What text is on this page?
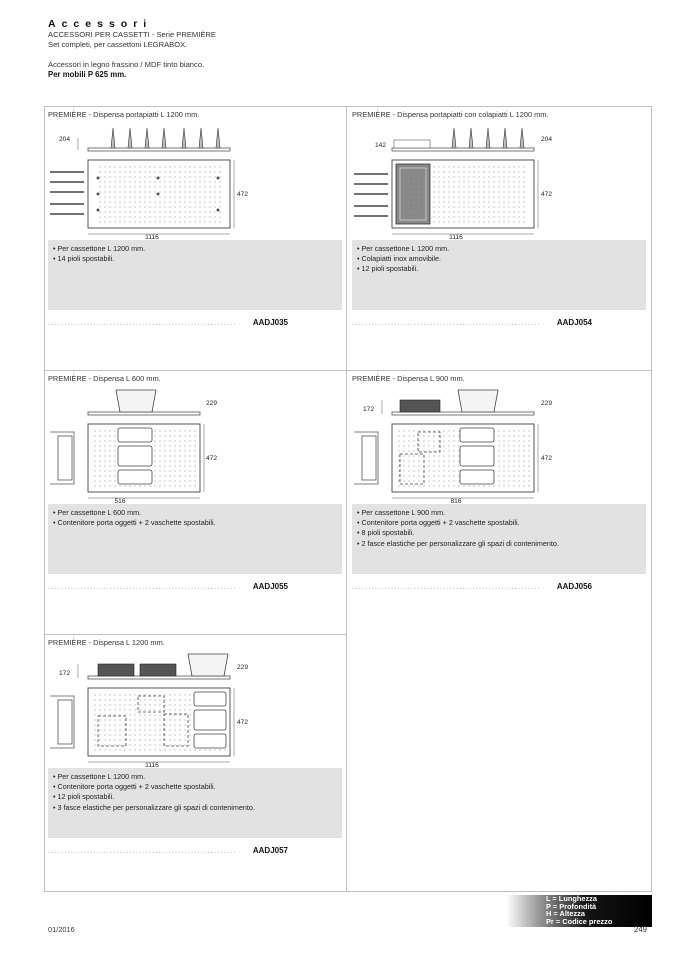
Accessori
ACCESSORI PER CASSETTI - Serie PREMIÈRE
Set completi, per cassettoni LEGRABOX.
Accessori in legno frassino / MDF tinto bianco.
Per mobili P 625 mm.
PREMIÈRE - Dispensa portapiatti L 1200 mm.
204
472
1116
• Per cassettone L 1200 mm.
• 14 pioli spostabili.
..........................................................	AADJ035
PREMIÈRE - Dispensa portapiatti con colapiatti L 1200 mm.
142
204
472
1116
• Per cassettone L 1200 mm.
• Colapiatti inox amovibile.
• 12 pioli spostabili.
..........................................................	AADJ054
PREMIÈRE - Dispensa L 600 mm.
229
472
516
• Per cassettone L 600 mm.
• Contenitore porta oggetti + 2 vaschette spostabili.
..........................................................	AADJ055
PREMIÈRE - Dispensa L 900 mm.
172
229
472
816
• Per cassettone L 900 mm.
• Contenitore porta oggetti + 2 vaschette spostabili.
• 8 pioli spostabili.
• 2 fasce elastiche per personalizzare gli spazi di contenimento.
..........................................................	AADJ056
PREMIÈRE - Dispensa L 1200 mm.
172
229
472
1116
• Per cassettone L 1200 mm.
• Contenitore porta oggetti + 2 vaschette spostabili.
• 12 pioli spostabili.
• 3 fasce elastiche per personalizzare gli spazi di contenimento.
..........................................................	AADJ057
L = Lunghezza
P = Profondità
H = Altezza
Pr = Codice prezzo
01/2016	249
